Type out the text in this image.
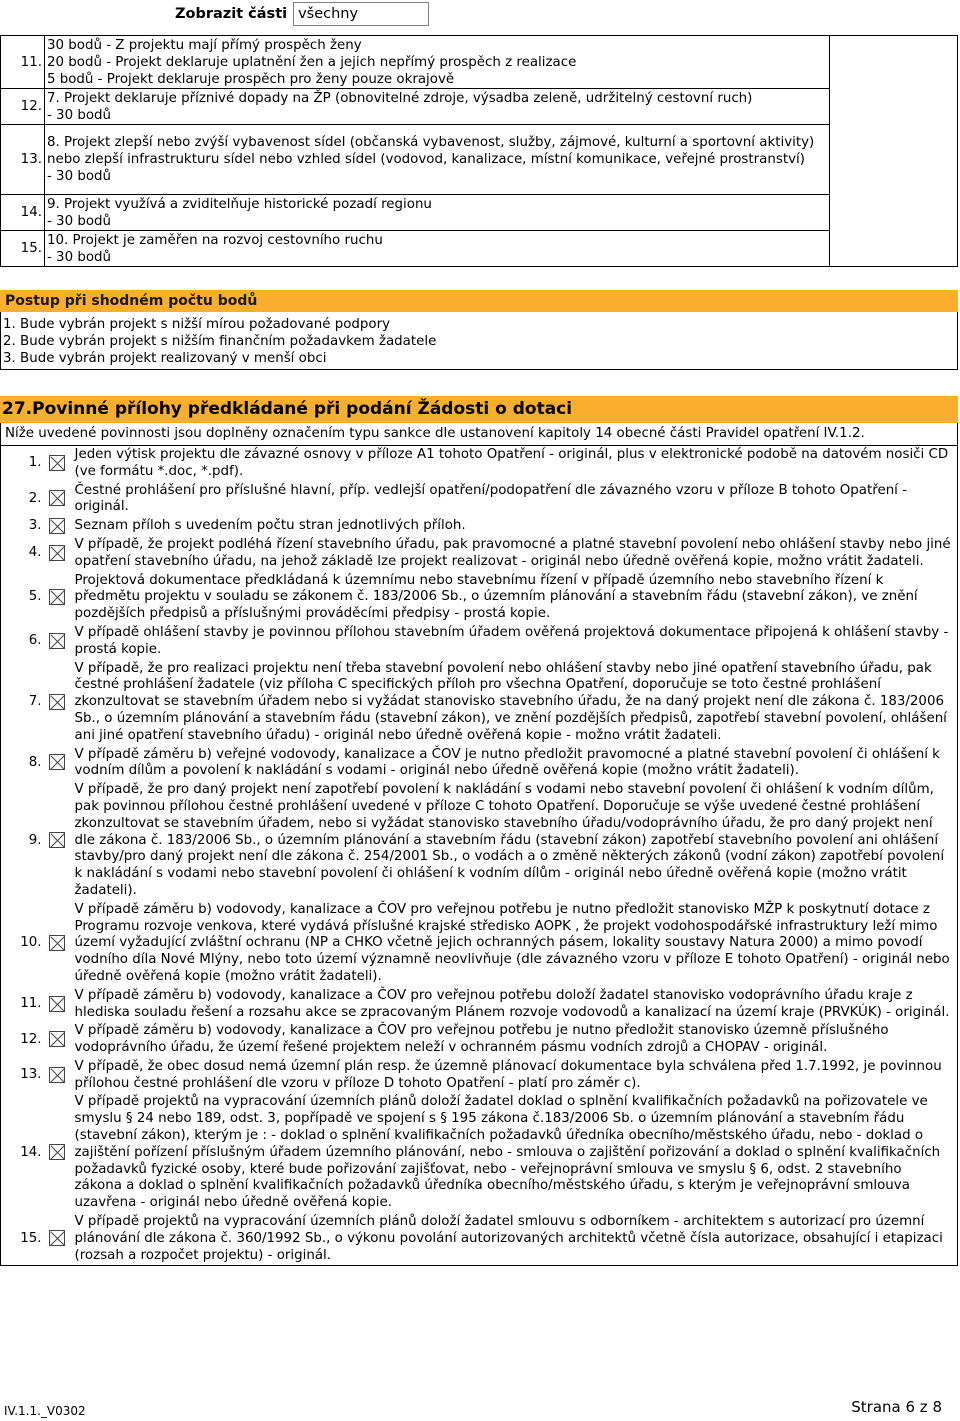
Zobrazit části všechny
11.	30 bodů - Z projektu mají přímý prospěch ženy
20 bodů - Projekt deklaruje uplatnění žen a jejich nepřímý prospěch z realizace
5 bodů - Projekt deklaruje prospěch pro ženy pouze okrajově	

12.	7. Projekt deklaruje příznivé dopady na ŽP (obnovitelné zdroje, výsadba zeleně, udržitelný cestovní ruch)
- 30 bodů	

13.	8. Projekt zlepší nebo zvýší vybavenost sídel (občanská vybavenost, služby, zájmové, kulturní a sportovní aktivity) nebo zlepší infrastrukturu sídel nebo vzhled sídel (vodovod, kanalizace, místní komunikace, veřejné prostranství)
- 30 bodů	

14.	9. Projekt využívá a zviditelňuje historické pozadí regionu
- 30 bodů	

15.	10. Projekt je zaměřen na rozvoj cestovního ruchu
- 30 bodů	
Postup při shodném počtu bodů
1. Bude vybrán projekt s nižší mírou požadované podpory
2. Bude vybrán projekt s nižším finančním požadavkem žadatele
3. Bude vybrán projekt realizovaný v menší obci
27.Povinné přílohy předkládané při podání Žádosti o dotaci
Níže uvedené povinnosti jsou doplněny označením typu sankce dle ustanovení kapitoly 14 obecné části Pravidel opatření IV.1.2.
1.		Jeden výtisk projektu dle závazné osnovy v příloze A1 tohoto Opatření - originál, plus v elektronické podobě na datovém nosiči CD (ve formátu *.doc, *.pdf).
2.		Čestné prohlášení pro příslušné hlavní, příp. vedlejší opatření/podopatření dle závazného vzoru v příloze B tohoto Opatření - originál.
3.		Seznam příloh s uvedením počtu stran jednotlivých příloh.
4.		V případě, že projekt podléhá řízení stavebního úřadu, pak pravomocné a platné stavební povolení nebo ohlášení stavby nebo jiné opatření stavebního úřadu, na jehož základě lze projekt realizovat - originál nebo úředně ověřená kopie, možno vrátit žadateli.
5.		Projektová dokumentace předkládaná k územnímu nebo stavebnímu řízení v případě územního nebo stavebního řízení k předmětu projektu v souladu se zákonem č. 183/2006 Sb., o územním plánování a stavebním řádu (stavební zákon), ve znění pozdějších předpisů a příslušnými prováděcími předpisy - prostá kopie.
6.		V případě ohlášení stavby je povinnou přílohou stavebním úřadem ověřená projektová dokumentace připojená k ohlášení stavby - prostá kopie.
7.		V případě, že pro realizaci projektu není třeba stavební povolení nebo ohlášení stavby nebo jiné opatření stavebního úřadu, pak čestné prohlášení žadatele (viz příloha C specifických příloh pro všechna Opatření, doporučuje se toto čestné prohlášení zkonzultovat se stavebním úřadem nebo si vyžádat stanovisko stavebního úřadu, že na daný projekt není dle zákona č. 183/2006 Sb., o územním plánování a stavebním řádu (stavební zákon), ve znění pozdějších předpisů, zapotřebí stavební povolení, ohlášení ani jiné opatření stavebního úřadu) - originál nebo úředně ověřená kopie - možno vrátit žadateli.
8.		V případě záměru b) veřejné vodovody, kanalizace a ČOV je nutno předložit pravomocné a platné stavební povolení či ohlášení k vodním dílům a povolení k nakládání s vodami - originál nebo úředně ověřená kopie (možno vrátit žadateli).
9.		V případě, že pro daný projekt není zapotřebí povolení k nakládání s vodami nebo stavební povolení či ohlášení k vodním dílům, pak povinnou přílohou čestné prohlášení uvedené v příloze C tohoto Opatření. Doporučuje se výše uvedené čestné prohlášení zkonzultovat se stavebním úřadem, nebo si vyžádat stanovisko stavebního úřadu/vodoprávního úřadu, že pro daný projekt není dle zákona č. 183/2006 Sb., o územním plánování a stavebním řádu (stavební zákon) zapotřebí stavebního povolení ani ohlášení stavby/pro daný projekt není dle zákona č. 254/2001 Sb., o vodách a o změně některých zákonů (vodní zákon) zapotřebí povolení k nakládání s vodami nebo stavební povolení či ohlášení k vodním dílům - originál nebo úředně ověřená kopie (možno vrátit žadateli).
10.		V případě záměru b) vodovody, kanalizace a ČOV pro veřejnou potřebu je nutno předložit stanovisko MŽP k poskytnutí dotace z Programu rozvoje venkova, které vydává příslušné krajské středisko AOPK , že projekt vodohospodářské infrastruktury leží mimo území vyžadující zvláštní ochranu (NP a CHKO včetně jejich ochranných pásem, lokality soustavy Natura 2000) a mimo povodí vodního díla Nové Mlýny, nebo toto území významně neovlivňuje (dle závazného vzoru v příloze E tohoto Opatření) - originál nebo úředně ověřená kopie (možno vrátit žadateli).
11.		V případě záměru b) vodovody, kanalizace a ČOV pro veřejnou potřebu doloží žadatel stanovisko vodoprávního úřadu kraje z hlediska souladu řešení a rozsahu akce se zpracovaným Plánem rozvoje vodovodů a kanalizací na území kraje (PRVKÚK) - originál.
12.		V případě záměru b) vodovody, kanalizace a ČOV pro veřejnou potřebu je nutno předložit stanovisko územně příslušného vodoprávního úřadu, že území řešené projektem neleží v ochranném pásmu vodních zdrojů a CHOPAV - originál.
13.		V případě, že obec dosud nemá územní plán resp. že územně plánovací dokumentace byla schválena před 1.7.1992, je povinnou přílohou čestné prohlášení dle vzoru v příloze D tohoto Opatření - platí pro záměr c).
14.		V případě projektů na vypracování územních plánů doloží žadatel doklad o splnění kvalifikačních požadavků na pořizovatele ve smyslu § 24 nebo 189, odst. 3, popřípadě ve spojení s § 195 zákona č.183/2006 Sb. o územním plánování a stavebním řádu (stavební zákon), kterým je : - doklad o splnění kvalifikačních požadavků úředníka obecního/městského úřadu, nebo - doklad o zajištění pořízení příslušným úřadem územního plánování, nebo - smlouva o zajištění pořizování a doklad o splnění kvalifikačních požadavků fyzické osoby, které bude pořizování zajišťovat, nebo - veřejnoprávní smlouva ve smyslu § 6, odst. 2 stavebního zákona a doklad o splnění kvalifikačních požadavků úředníka obecního/městského úřadu, s kterým je veřejnoprávní smlouva uzavřena - originál nebo úředně ověřená kopie.
15.		V případě projektů na vypracování územních plánů doloží žadatel smlouvu s odborníkem - architektem s autorizací pro územní plánování dle zákona č. 360/1992 Sb., o výkonu povolání autorizovaných architektů včetně čísla autorizace, obsahující i etapizaci (rozsah a rozpočet projektu) - originál.
IV.1.1._V0302	Strana 6 z 8
